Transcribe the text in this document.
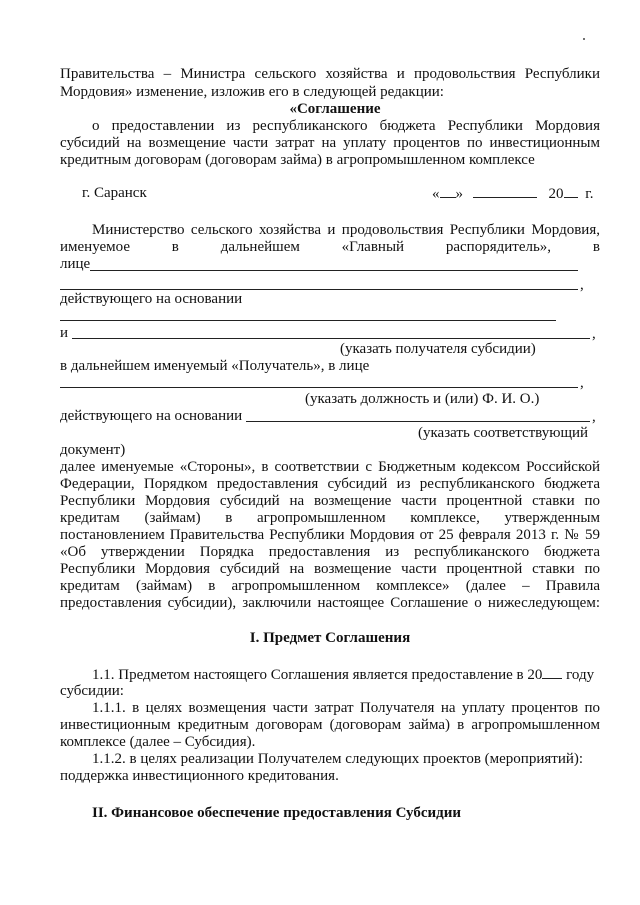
Правительства – Министра сельского хозяйства и продовольствия Республики
Мордовия» изменение, изложив его в следующей редакции:
«Соглашение
о предоставлении из республиканского бюджета Республики Мордовия
субсидий на возмещение части затрат на уплату процентов по инвестиционным
кредитным договорам (договорам займа) в агропромышленном комплексе
г. Саранск	« »	20 г.
Министерство сельского хозяйства и продовольствия Республики Мордовия,
именуемое	в	дальнейшем	«Главный	распорядитель»,	в
лице
,
действующего на основании
и	,
(указать получателя субсидии)
в дальнейшем именуемый «Получатель», в лице
,
(указать должность и (или) Ф. И. О.)
действующего на основании	,
(указать соответствующий
документ)
далее именуемые «Стороны», в соответствии с Бюджетным кодексом Российской
Федерации, Порядком предоставления субсидий из республиканского бюджета
Республики Мордовия субсидий на возмещение части процентной ставки по
кредитам (займам) в агропромышленном комплексе, утвержденным
постановлением Правительства Республики Мордовия от 25 февраля 2013 г. № 59
«Об утверждении Порядка предоставления из республиканского бюджета
Республики Мордовия субсидий на возмещение части процентной ставки по
кредитам (займам) в агропромышленном комплексе» (далее – Правила
предоставления субсидии), заключили настоящее Соглашение о нижеследующем:
I. Предмет Соглашения
1.1. Предметом настоящего Соглашения является предоставление в 20 году
субсидии:
1.1.1. в целях возмещения части затрат Получателя на уплату процентов по
инвестиционным кредитным договорам (договорам займа) в агропромышленном
комплексе (далее – Субсидия).
1.1.2. в целях реализации Получателем следующих проектов (мероприятий):
поддержка инвестиционного кредитования.
II. Финансовое обеспечение предоставления Субсидии
